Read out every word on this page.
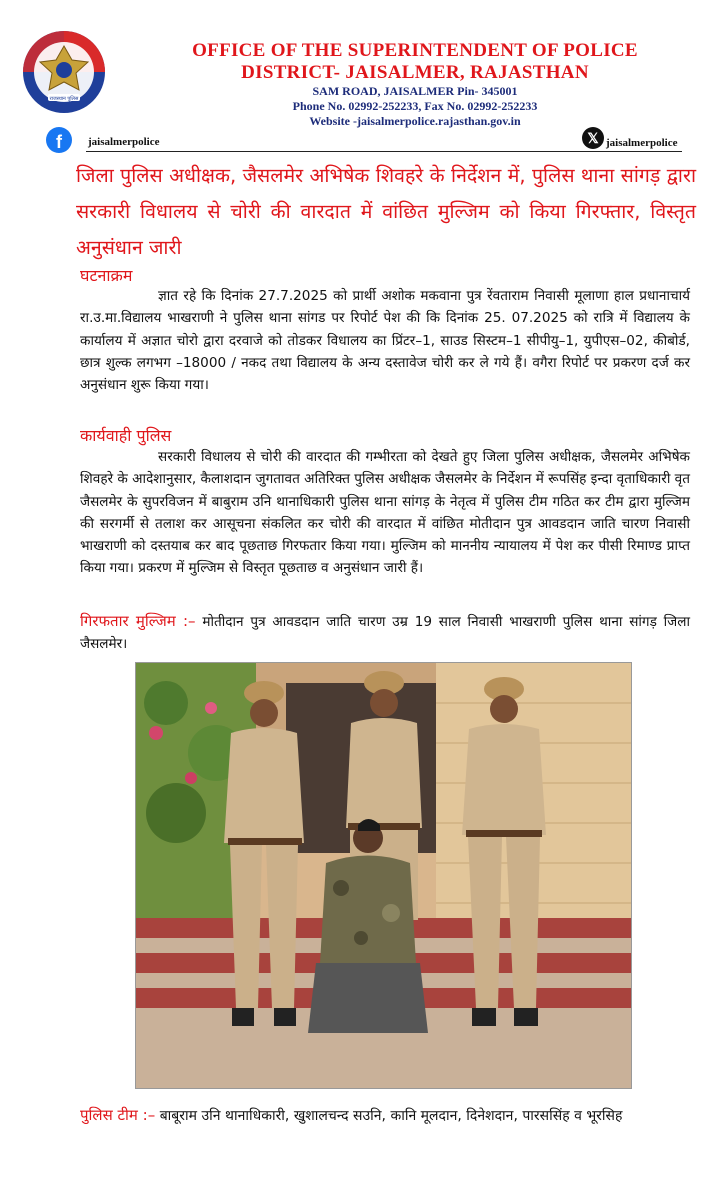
राजस्थान पुलिस
OFFICE OF THE SUPERINTENDENT OF POLICE
DISTRICT- JAISALMER, RAJASTHAN
SAM ROAD, JAISALMER Pin- 345001
Phone No. 02992-252233, Fax No. 02992-252233
Website -jaisalmerpolice.rajasthan.gov.in
f	jaisalmerpolice	𝕏 jaisalmerpolice
जिला पुलिस अधीक्षक, जैसलमेर अभिषेक शिवहरे के निर्देशन में, पुलिस थाना सांगड़ द्वारा सरकारी विधालय से चोरी की वारदात में वांछित मुल्जिम को किया गिरफ्तार, विस्तृत अनुसंधान जारी
घटनाक्रम
ज्ञात रहे कि दिनांक 27.7.2025 को प्रार्थी अशोक मकवाना पुत्र रेंवताराम निवासी मूलाणा हाल प्रधानाचार्य रा.उ.मा.विद्यालय भाखराणी ने पुलिस थाना सांगड पर रिपोर्ट पेश की कि दिनांक 25. 07.2025 को रात्रि में विद्यालय के कार्यालय में अज्ञात चोरो द्वारा दरवाजे को तोडकर विधालय का प्रिंटर–1, साउड सिस्टम–1 सीपीयु–1, युपीएस–02, कीबोर्ड, छात्र शुल्क लगभग –18000 / नकद तथा विद्यालय के अन्य दस्तावेज चोरी कर ले गये हैं। वगैरा रिपोर्ट पर प्रकरण दर्ज कर अनुसंधान शुरू किया गया।
कार्यवाही पुलिस
सरकारी विधालय से चोरी की वारदात की गम्भीरता को देखते हुए जिला पुलिस अधीक्षक, जैसलमेर अभिषेक शिवहरे के आदेशानुसार, कैलाशदान जुगतावत अतिरिक्त पुलिस अधीक्षक जैसलमेर के निर्देशन में रूपसिंह इन्दा वृताधिकारी वृत जैसलमेर के सुपरविजन में बाबुराम उनि थानाधिकारी पुलिस थाना सांगड़ के नेतृत्व में पुलिस टीम गठित कर टीम द्वारा मुल्जिम की सरगर्मी से तलाश कर आसूचना संकलित कर चोरी की वारदात में वांछित मोतीदान पुत्र आवडदान जाति चारण निवासी भाखराणी को दस्तयाब कर बाद पूछताछ गिरफतार किया गया। मुल्जिम को माननीय न्यायालय में पेश कर पीसी रिमाण्ड प्राप्त किया गया। प्रकरण में मुल्जिम से विस्तृत पूछताछ व अनुसंधान जारी हैं।
गिरफतार मुल्जिम :– मोतीदान पुत्र आवडदान जाति चारण उम्र 19 साल निवासी भाखराणी पुलिस थाना सांगड़ जिला जैसलमेर।
पुलिस टीम :– बाबूराम उनि थानाधिकारी, खुशालचन्द सउनि, कानि मूलदान, दिनेशदान, पारससिंह व भूरसिह
